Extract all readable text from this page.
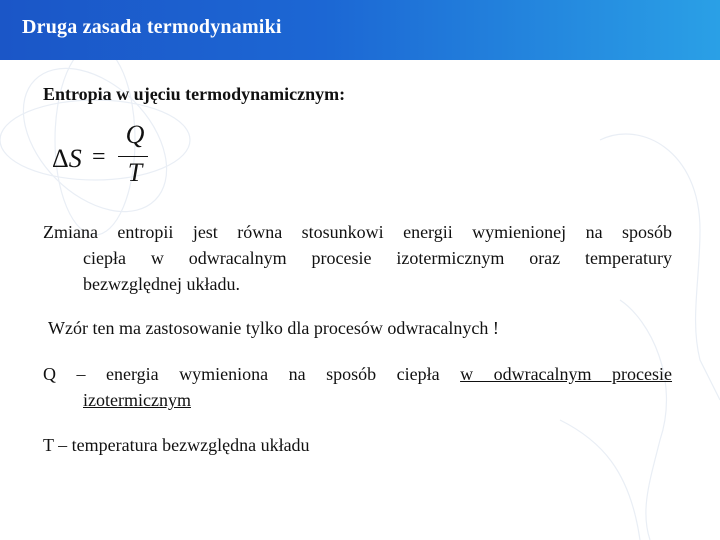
Druga zasada termodynamiki
Entropia w ujęciu termodynamicznym:
ΔS =
Q
T
Zmiana entropii jest równa stosunkowi energii wymienionej na sposób
ciepła w odwracalnym procesie izotermicznym oraz temperatury
bezwzględnej układu.
Wzór ten ma zastosowanie tylko dla procesów odwracalnych !
Q – energia wymieniona na sposób ciepła w odwracalnym procesie
izotermicznym
T – temperatura bezwzględna układu
